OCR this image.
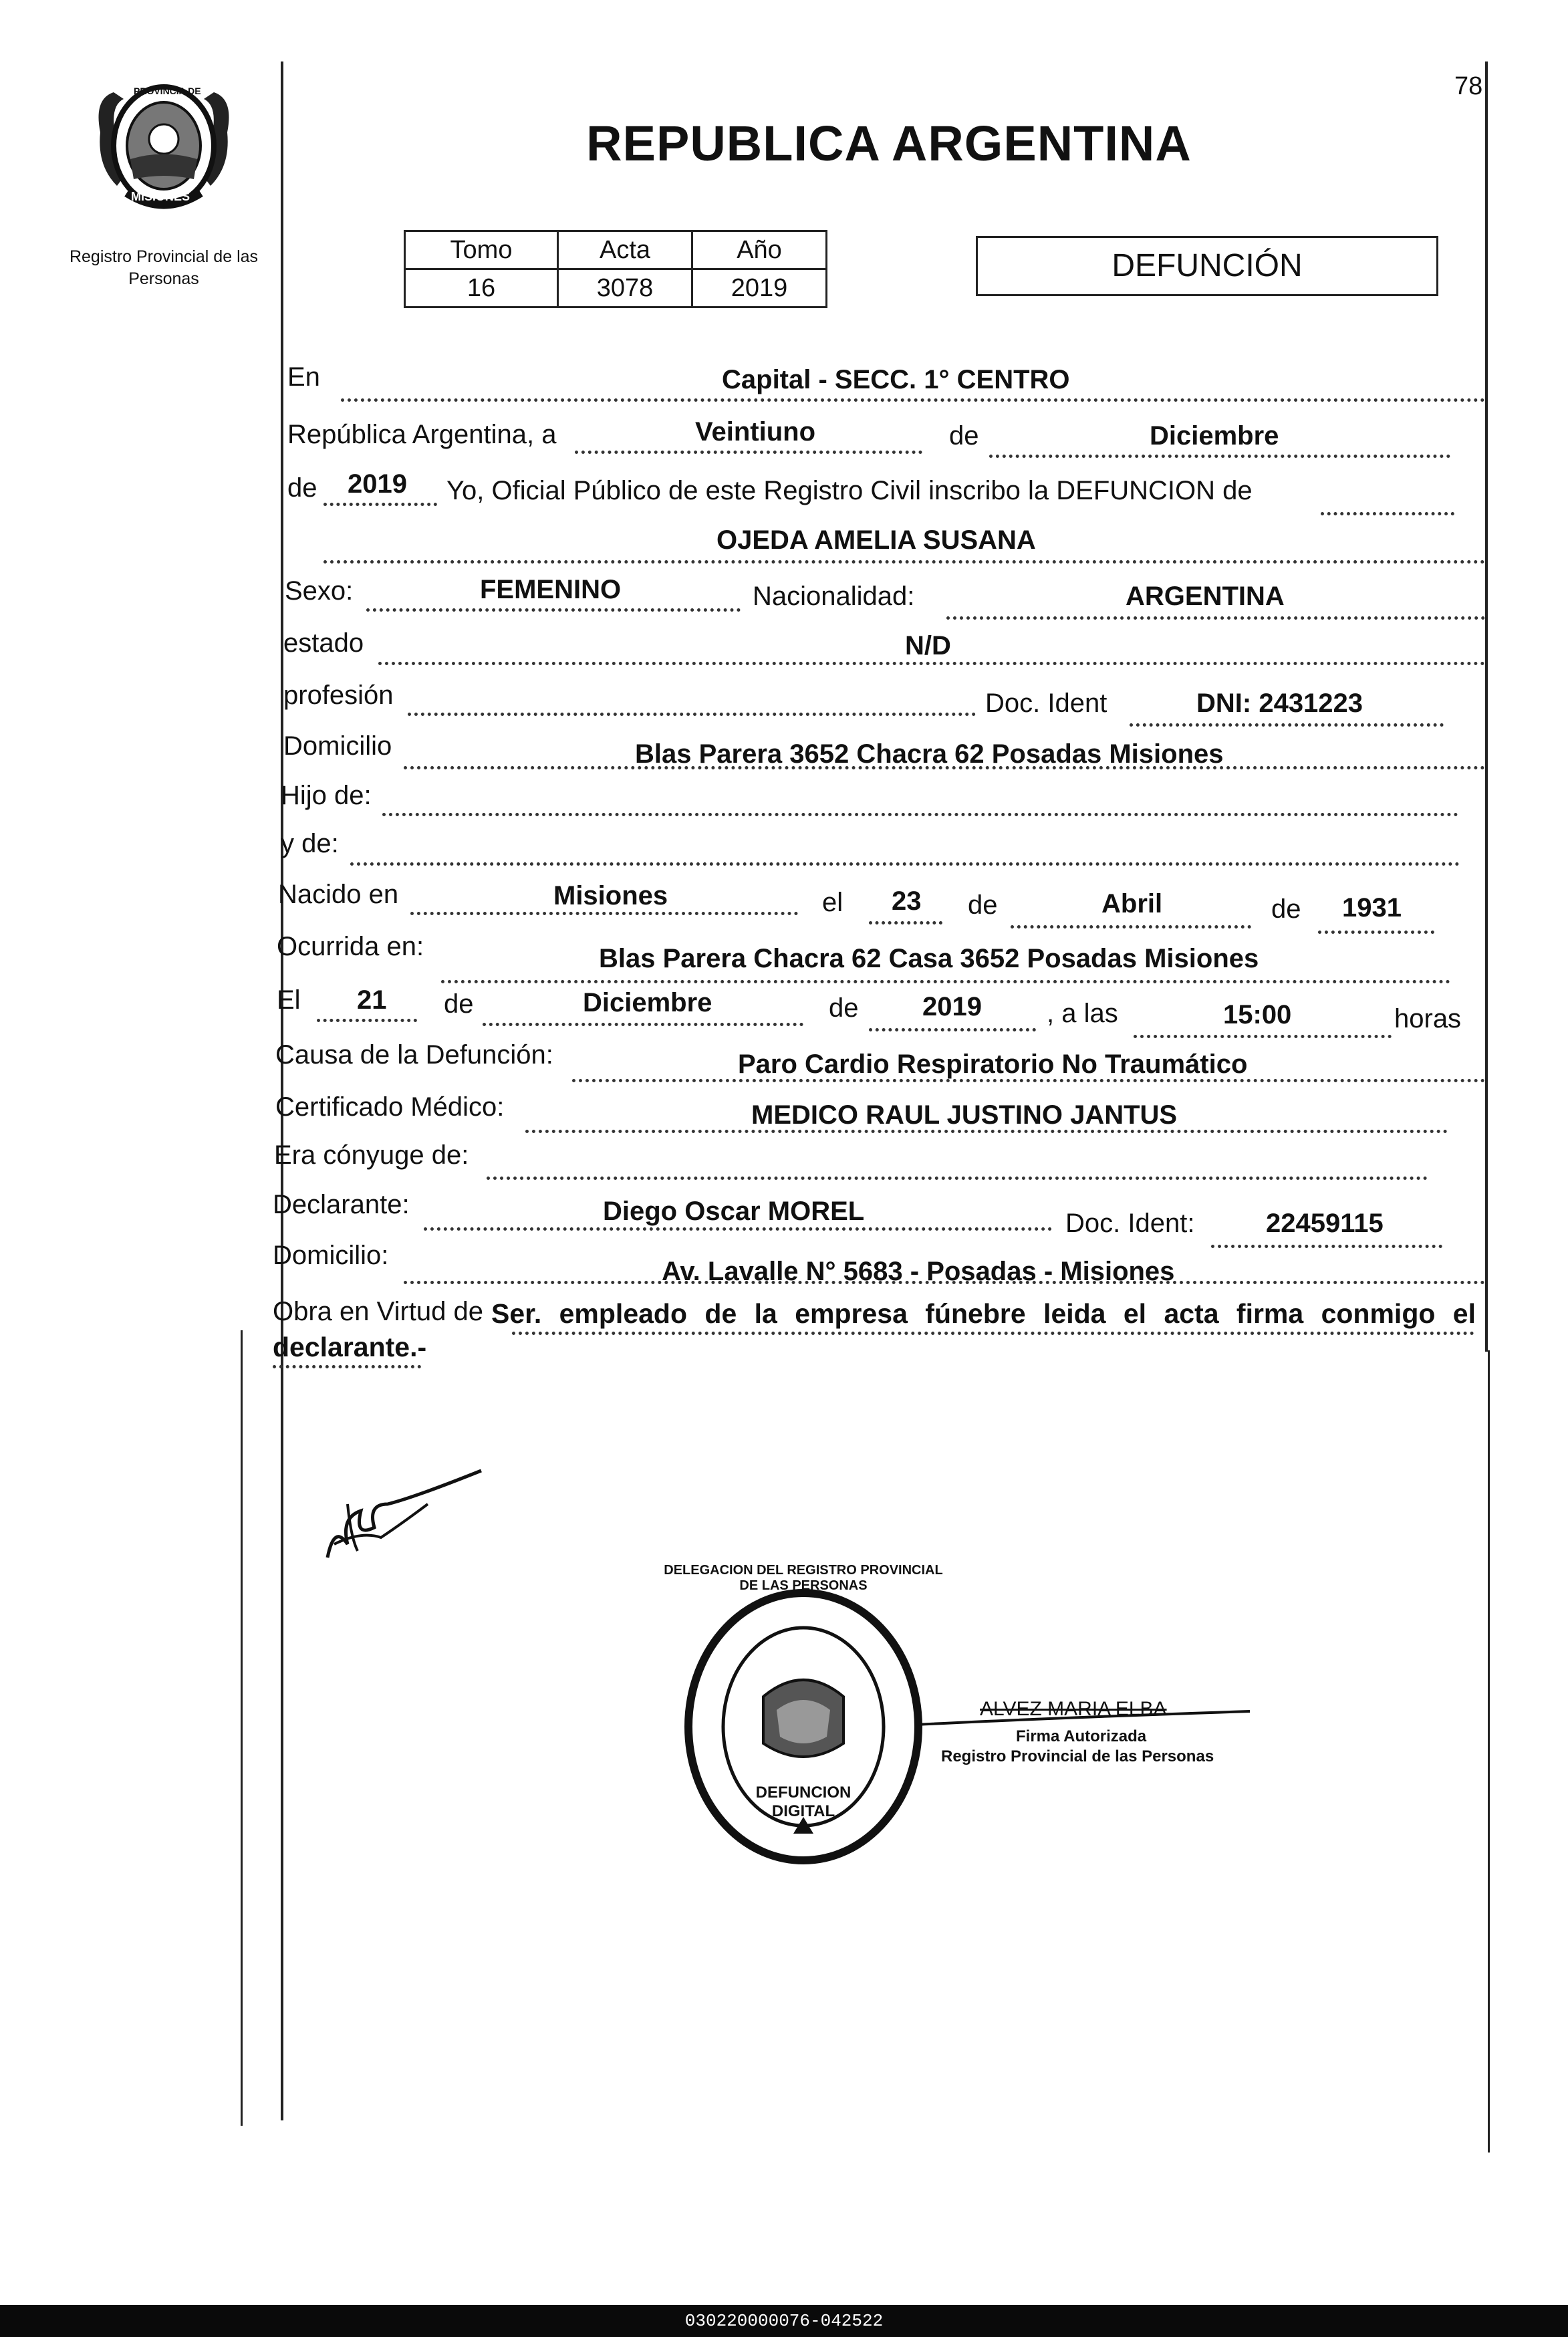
78
PROVINCIA DE
MISIONES
Registro Provincial de las Personas
REPUBLICA ARGENTINA
Tomo	Acta	Año
16	3078	2019
DEFUNCIÓN
En	Capital - SECC. 1° CENTRO
República Argentina, a	Veintiuno	de	Diciembre
de 2019 Yo, Oficial Público de este Registro Civil inscribo la DEFUNCION de
OJEDA AMELIA SUSANA
Sexo:	FEMENINO	Nacionalidad:	ARGENTINA
estado	N/D
profesión	Doc. Ident	DNI: 2431223
Domicilio	Blas Parera 3652 Chacra 62 Posadas Misiones
Hijo de:
y de:
Nacido en	Misiones	el 23 de	Abril	de 1931
Ocurrida en:	Blas Parera Chacra 62 Casa 3652 Posadas Misiones
El 21 de	Diciembre	de 2019 , a las	15:00	horas
Causa de la Defunción:	Paro Cardio Respiratorio No Traumático
Certificado Médico:	MEDICO RAUL JUSTINO JANTUS
Era cónyuge de:
Declarante:	Diego Oscar MOREL	Doc. Ident:	22459115
Domicilio:
Av. Lavalle N° 5683 - Posadas - Misiones
Obra en Virtud de Ser. empleado de la empresa fúnebre leida el acta firma conmigo el declarante.-
DELEGACION DEL REGISTRO PROVINCIAL DE LAS PERSONAS
DEFUNCION DIGITAL
ALVEZ MARIA ELBA
Firma Autorizada
Registro Provincial de las Personas
030220000076-042522
